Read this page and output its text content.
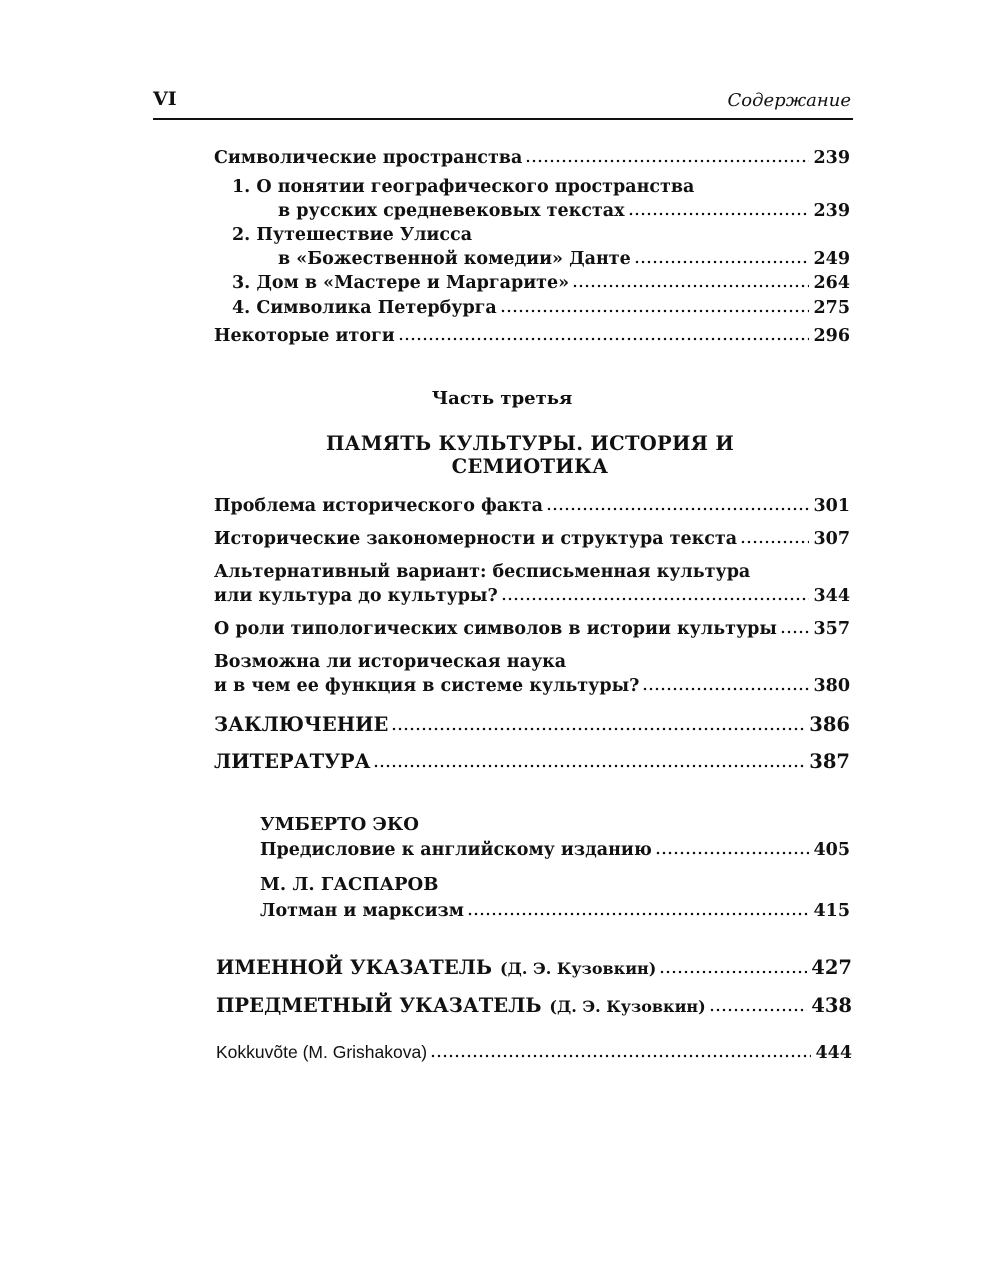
VI	Содержание
Символические пространства	239
1. О понятии географического пространства
в русских средневековых текстах	239
2. Путешествие Улисса
в «Божественной комедии» Данте	249
3. Дом в «Мастере и Маргарите»	264
4. Символика Петербурга	275
Некоторые итоги	296
Часть третья
ПАМЯТЬ КУЛЬТУРЫ. ИСТОРИЯ И СЕМИОТИКА
Проблема исторического факта	301
Исторические закономерности и структура текста	307
Альтернативный вариант: бесписьменная культура
или культура до культуры?	344
О роли типологических символов в истории культуры 357
Возможна ли историческая наука
и в чем ее функция в системе культуры?	380
ЗАКЛЮЧЕНИЕ	386
ЛИТЕРАТУРА	387
УМБЕРТО ЭКО
Предисловие к английскому изданию	405
М. Л. ГАСПАРОВ
Лотман и марксизм	415
ИМЕННОЙ УКАЗАТЕЛЬ (Д. Э. Кузовкин)	427
ПРЕДМЕТНЫЙ УКАЗАТЕЛЬ (Д. Э. Кузовкин)	438
Kokkuvõte (M. Grishakova)	444
